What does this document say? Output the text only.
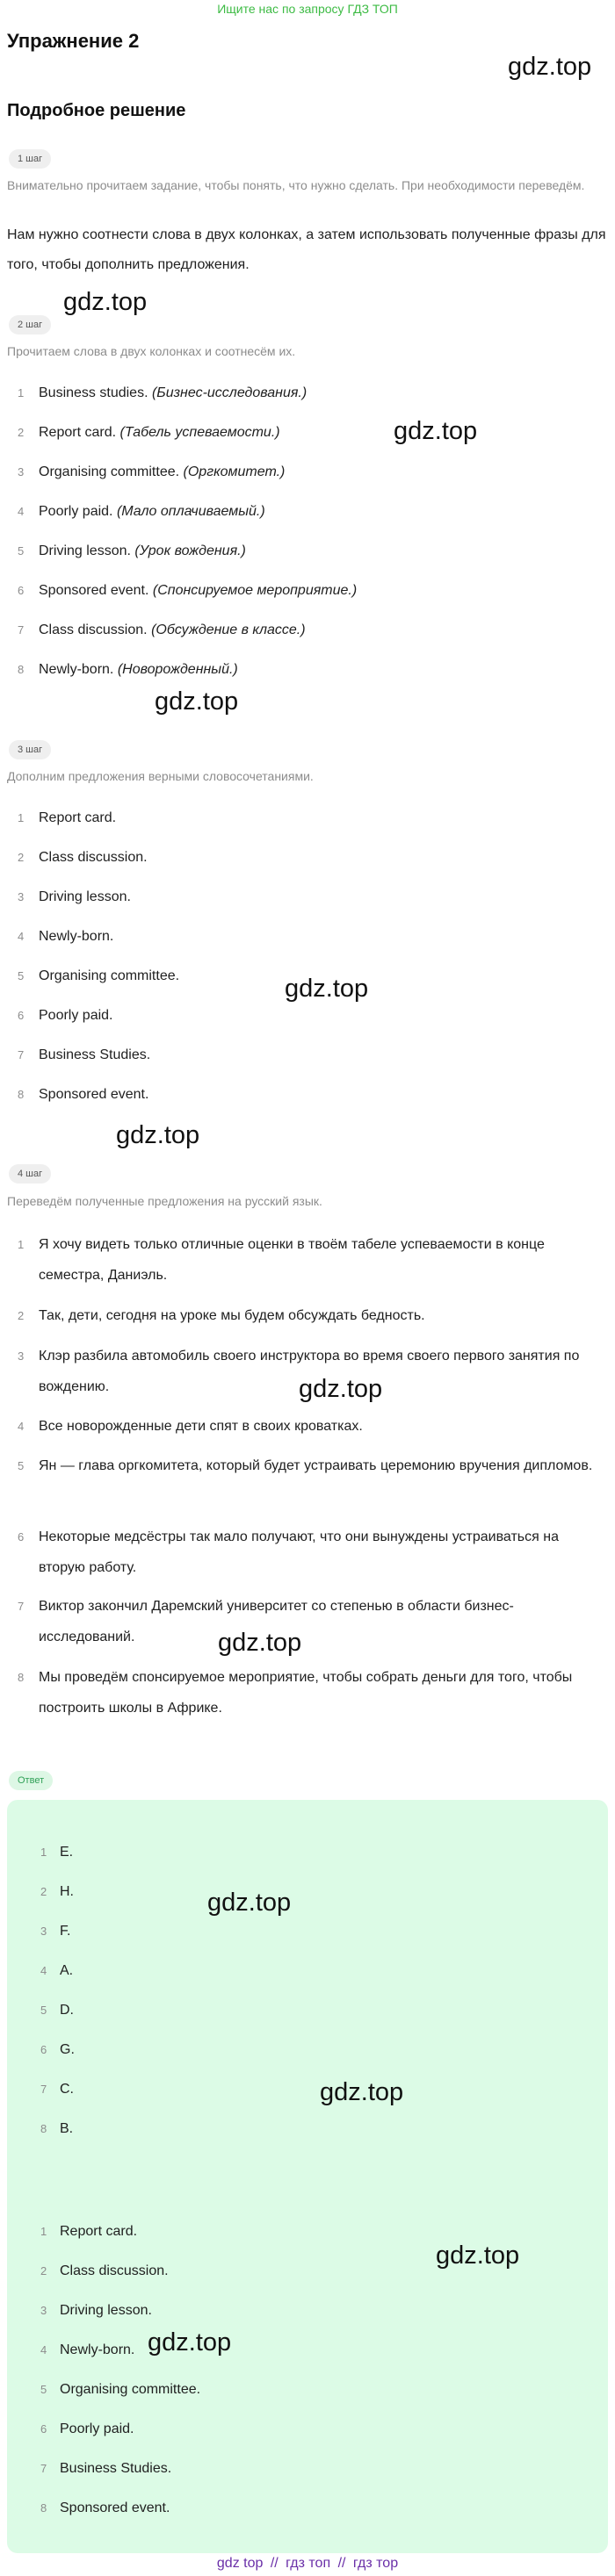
Ищите нас по запросу ГДЗ ТОП
Упражнение 2
gdz.top
Подробное решение
1 шаг
Внимательно прочитаем задание, чтобы понять, что нужно сделать. При необходимости переведём.
Нам нужно соотнести слова в двух колонках, а затем использовать полученные фразы для того, чтобы дополнить предложения.
gdz.top
2 шаг
Прочитаем слова в двух колонках и соотнесём их.
1	Business studies. (Бизнес-исследования.)
2	Report card. (Табель успеваемости.)
3	Organising committee. (Оргкомитет.)
4	Poorly paid. (Мало оплачиваемый.)
5	Driving lesson. (Урок вождения.)
6	Sponsored event. (Спонсируемое мероприятие.)
7	Class discussion. (Обсуждение в классе.)
8	Newly-born. (Новорожденный.)
gdz.top
gdz.top
3 шаг
Дополним предложения верными словосочетаниями.
1	Report card.
2	Class discussion.
3	Driving lesson.
4	Newly-born.
5	Organising committee.
6	Poorly paid.
7	Business Studies.
8	Sponsored event.
gdz.top
gdz.top
4 шаг
Переведём полученные предложения на русский язык.
1	Я хочу видеть только отличные оценки в твоём табеле успеваемости в конце семестра, Даниэль.
2	Так, дети, сегодня на уроке мы будем обсуждать бедность.
3	Клэр разбила автомобиль своего инструктора во время своего первого занятия по вождению.
4	Все новорожденные дети спят в своих кроватках.
5	Ян — глава оргкомитета, который будет устраивать церемонию вручения дипломов.
6	Некоторые медсёстры так мало получают, что они вынуждены устраиваться на вторую работу.
7	Виктор закончил Даремский университет со степенью в области бизнес-исследований.
8	Мы проведём спонсируемое мероприятие, чтобы собрать деньги для того, чтобы построить школы в Африке.
gdz.top
gdz.top
Ответ
1 E.
2 H.
3 F.
4 A.
5 D.
6 G.
7 C.
8 B.
1 Report card.
2 Class discussion.
3 Driving lesson.
4 Newly-born.
5 Organising committee.
6 Poorly paid.
7 Business Studies.
8 Sponsored event.
gdz.top
gdz.top
gdz.top
gdz.top
gdz top // гдз топ // гдз тор
